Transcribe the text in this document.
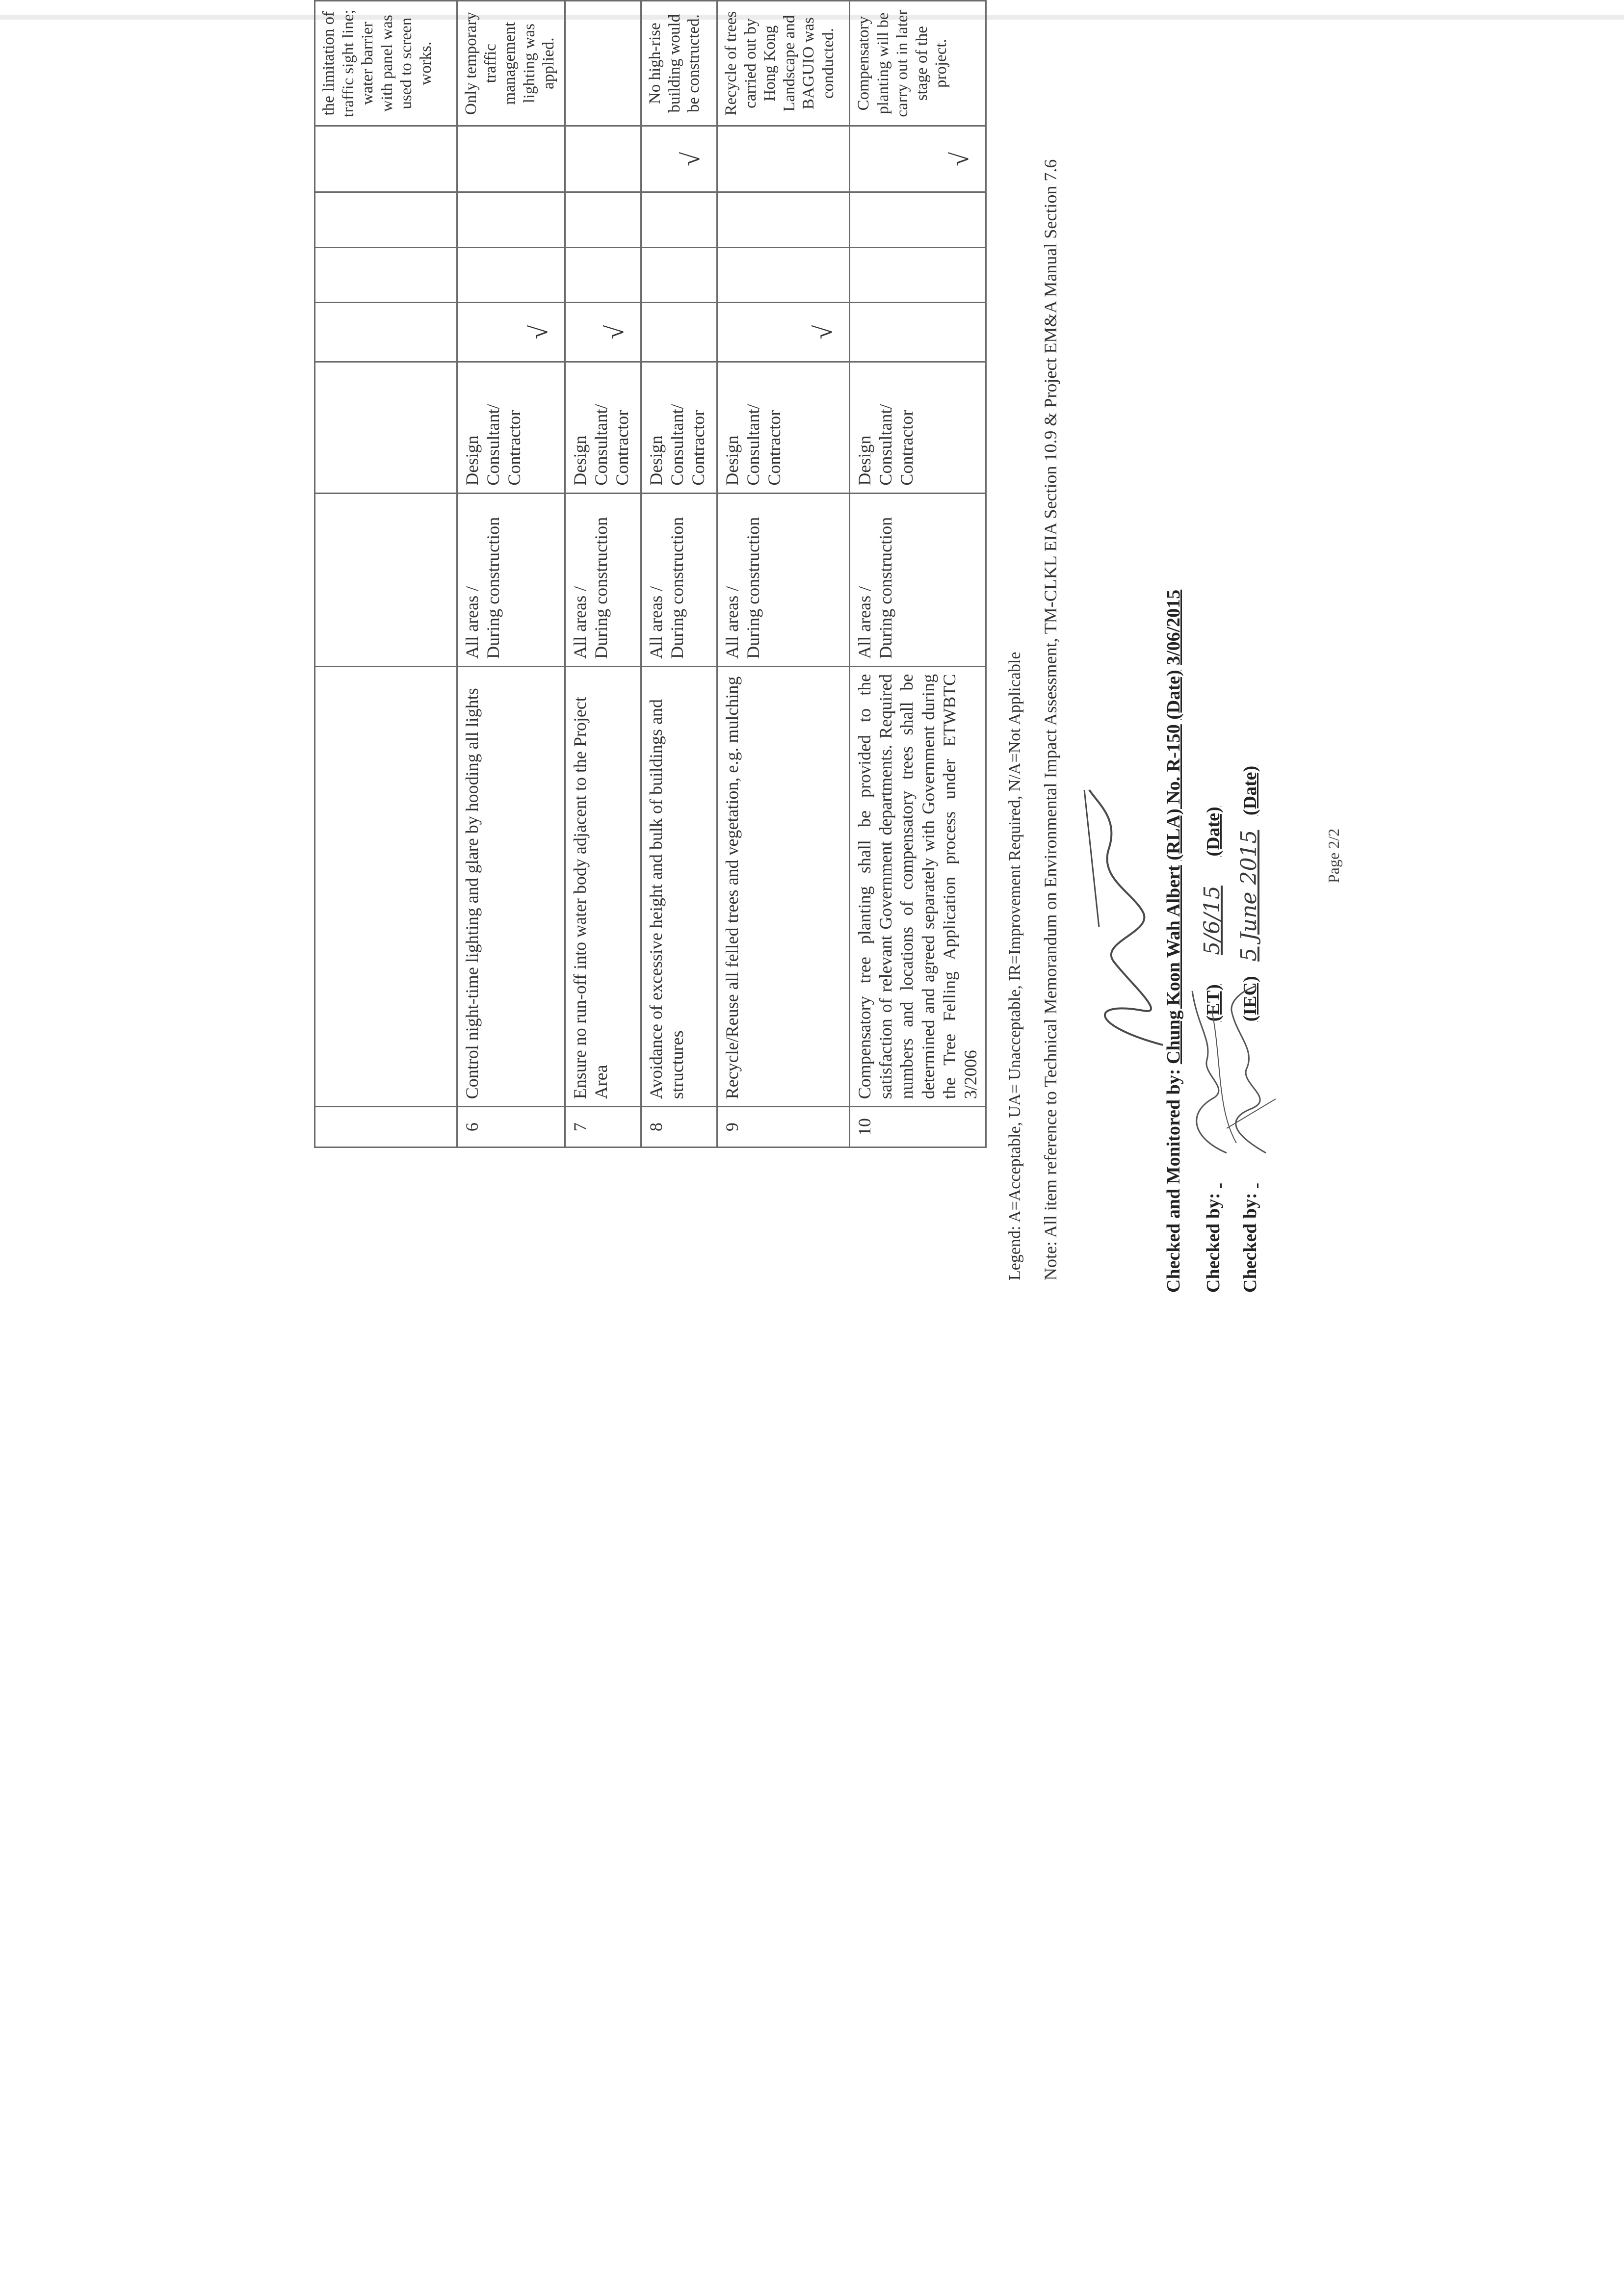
								the limitation of traffic sight line; water barrier with panel was used to screen works.
6	Control night-time lighting and glare by hooding all lights	All areas / During construction	Design Consultant/ Contractor	√				Only temporary traffic management lighting was applied.
7	Ensure no run-off into water body adjacent to the Project Area	All areas / During construction	Design Consultant/ Contractor	√				
8	Avoidance of excessive height and bulk of buildings and structures	All areas / During construction	Design Consultant/ Contractor				√	No high-rise building would be constructed.
9	Recycle/Reuse all felled trees and vegetation, e.g. mulching	All areas / During construction	Design Consultant/ Contractor	√				Recycle of trees carried out by Hong Kong Landscape and BAGUIO was conducted.
10	Compensatory tree planting shall be provided to the satisfaction of relevant Government departments. Required numbers and locations of compensatory trees shall be determined and agreed separately with Government during the Tree Felling Application process under ETWBTC 3/2006	All areas / During construction	Design Consultant/ Contractor				√	Compensatory planting will be carry out in later stage of the project.
Legend: A=Acceptable, UA= Unacceptable, IR=Improvement Required, N/A=Not Applicable Note: All item reference to Technical Memorandum on Environmental Impact Assessment, TM-CLKL EIA Section 10.9 & Project EM&A Manual Section 7.6	Checked and Monitored by: Chung Koon Wah Albert (RLA) No. R-150 (Date) 3/06/2015
Checked by:   (ET) 5/6/15 (Date)
Checked by:   (IEC) 5 June 2015 (Date)
Page 2/2
